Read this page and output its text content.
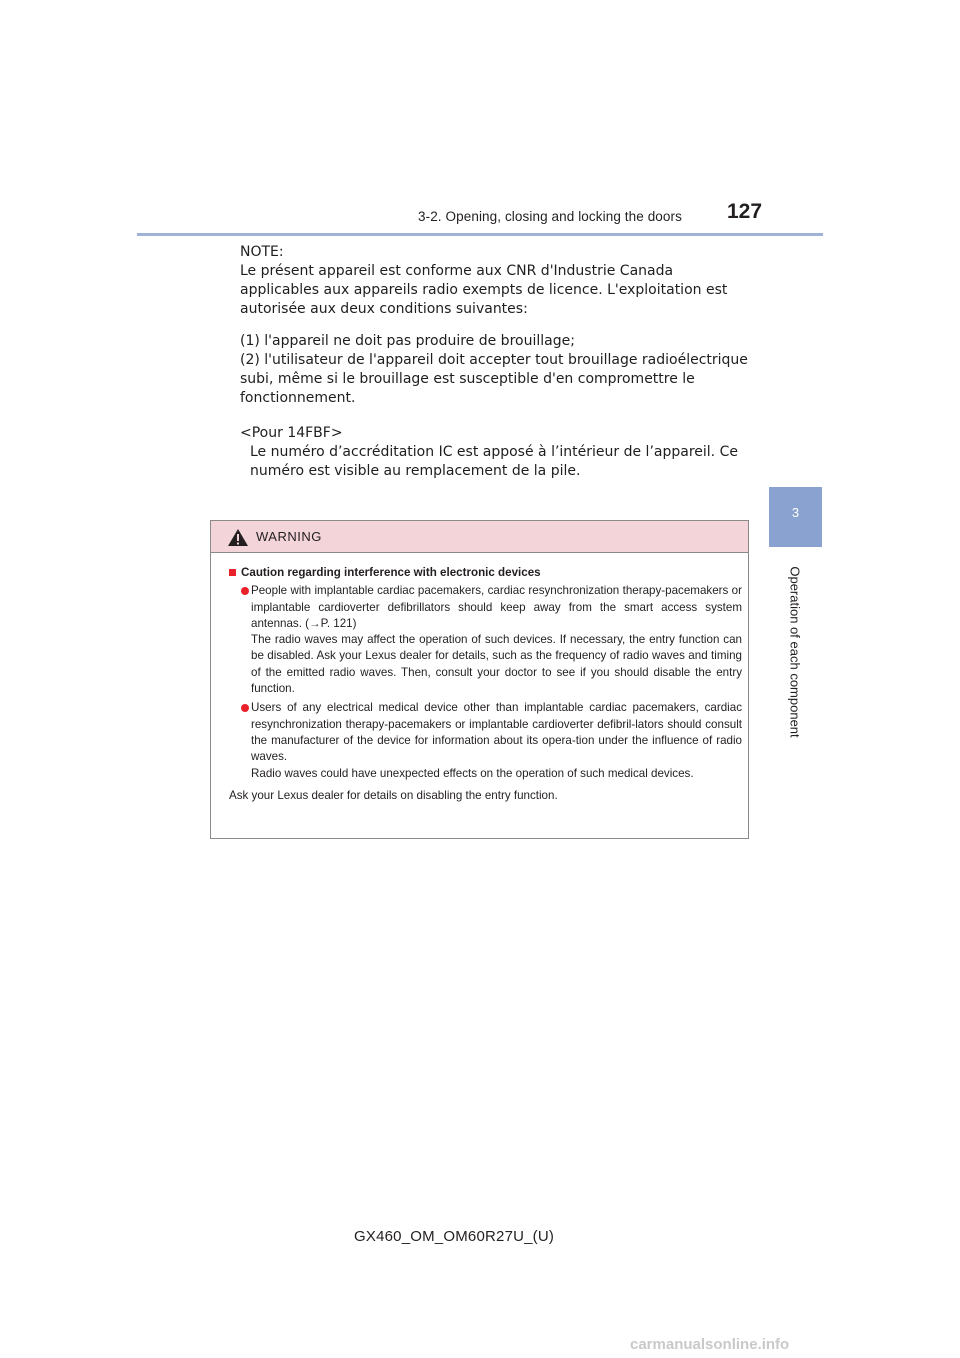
3-2. Opening, closing and locking the doors 127
3
Operation of each component

NOTE:

Le présent appareil est conforme aux CNR d'Industrie Canada

applicables aux appareils radio exempts de licence. L'exploitation est

autorisée aux deux conditions suivantes:

(1) l'appareil ne doit pas produire de brouillage;

(2) l'utilisateur de l'appareil doit accepter tout brouillage radioélectrique

subi, même si le brouillage est susceptible d'en compromettre le

fonctionnement.

<Pour 14FBF>

Le numéro d’accréditation IC est apposé à l’intérieur de l’appareil. Ce

numéro est visible au remplacement de la pile.

WARNING

Caution regarding interference with electronic devices

People with implantable cardiac pacemakers, cardiac resynchronization therapy-pacemakers or implantable cardioverter defibrillators should keep away from the smart access system antennas. (→P. 121)

The radio waves may affect the operation of such devices. If necessary, the entry function can be disabled. Ask your Lexus dealer for details, such as the frequency of radio waves and timing of the emitted radio waves. Then, consult your doctor to see if you should disable the entry function.

Users of any electrical medical device other than implantable cardiac pacemakers, cardiac resynchronization therapy-pacemakers or implantable cardioverter defibril-lators should consult the manufacturer of the device for information about its opera-tion under the influence of radio waves.

Radio waves could have unexpected effects on the operation of such medical devices.

Ask your Lexus dealer for details on disabling the entry function.

GX460_OM_OM60R27U_(U)
carmanualsonline.info
